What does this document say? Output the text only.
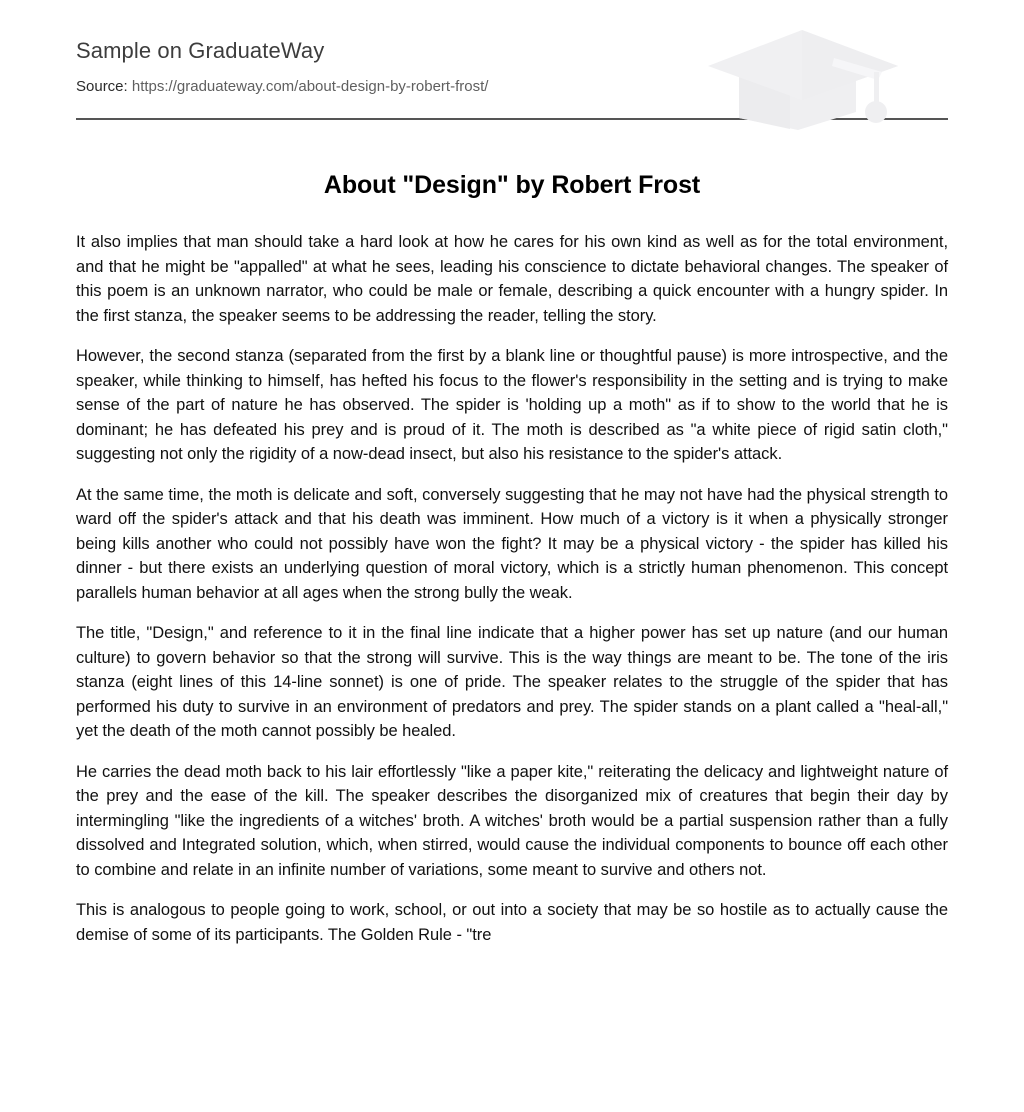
Sample on GraduateWay
Source: https://graduateway.com/about-design-by-robert-frost/
About "Design" by Robert Frost

It also implies that man should take a hard look at how he cares for his own kind as well as for the total environment, and that he might be "appalled" at what he sees, leading his conscience to dictate behavioral changes. The speaker of this poem is an unknown narrator, who could be male or female, describing a quick encounter with a hungry spider. In the first stanza, the speaker seems to be addressing the reader, telling the story.

However, the second stanza (separated from the first by a blank line or thoughtful pause) is more introspective, and the speaker, while thinking to himself, has hefted his focus to the flower's responsibility in the setting and is trying to make sense of the part of nature he has observed. The spider is 'holding up a moth" as if to show to the world that he is dominant; he has defeated his prey and is proud of it. The moth is described as "a white piece of rigid satin cloth," suggesting not only the rigidity of a now-dead insect, but also his resistance to the spider's attack.

At the same time, the moth is delicate and soft, conversely suggesting that he may not have had the physical strength to ward off the spider's attack and that his death was imminent. How much of a victory is it when a physically stronger being kills another who could not possibly have won the fight? It may be a physical victory - the spider has killed his dinner - but there exists an underlying question of moral victory, which is a strictly human phenomenon. This concept parallels human behavior at all ages when the strong bully the weak.

The title, "Design," and reference to it in the final line indicate that a higher power has set up nature (and our human culture) to govern behavior so that the strong will survive. This is the way things are meant to be. The tone of the iris stanza (eight lines of this 14-line sonnet) is one of pride. The speaker relates to the struggle of the spider that has performed his duty to survive in an environment of predators and prey. The spider stands on a plant called a "heal-all," yet the death of the moth cannot possibly be healed.

He carries the dead moth back to his lair effortlessly "like a paper kite," reiterating the delicacy and lightweight nature of the prey and the ease of the kill. The speaker describes the disorganized mix of creatures that begin their day by intermingling "like the ingredients of a witches' broth. A witches' broth would be a partial suspension rather than a fully dissolved and Integrated solution, which, when stirred, would cause the individual components to bounce off each other to combine and relate in an infinite number of variations, some meant to survive and others not.

This is analogous to people going to work, school, or out into a society that may be so hostile as to actually cause the demise of some of its participants. The Golden Rule - "tre
